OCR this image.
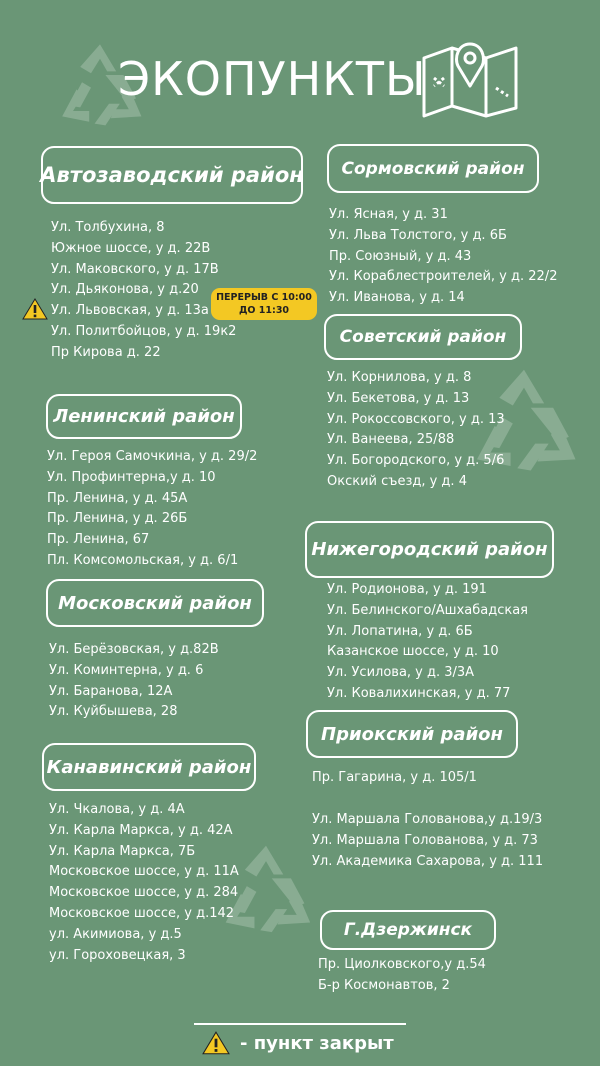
ЭКОПУНКТЫ
Автозаводский район
Ул. Толбухина, 8
Южное шоссе, у д. 22В
Ул. Маковского, у д. 17В
Ул. Дьяконова, у д.20
Ул. Львовская, у д. 13а
Ул. Политбойцов, у д. 19к2
Пр Кирова д. 22
ПЕРЕРЫВ С 10:00
ДО 11:30
Ленинский район
Ул. Героя Самочкина, у д. 29/2
Ул. Профинтерна,у д. 10
Пр. Ленина, у д. 45А
Пр. Ленина, у д. 26Б
Пр. Ленина, 67
Пл. Комсомольская, у д. 6/1
Московский район
Ул. Берёзовская, у д.82В
Ул. Коминтерна, у д. 6
Ул. Баранова, 12А
Ул. Куйбышева, 28
Канавинский район
Ул. Чкалова, у д. 4А
Ул. Карла Маркса, у д. 42А
Ул. Карла Маркса, 7Б
Московское шоссе, у д. 11А
Московское шоссе, у д. 284
Московское шоссе, у д.142
ул. Акимиова, у д.5
ул. Гороховецкая, 3
Сормовский район
Ул. Ясная, у д. 31
Ул. Льва Толстого, у д. 6Б
Пр. Союзный, у д. 43
Ул. Кораблестроителей, у д. 22/2
Ул. Иванова, у д. 14
Советский район
Ул. Корнилова, у д. 8
Ул. Бекетова, у д. 13
Ул. Рокоссовского, у д. 13
Ул. Ванеева, 25/88
Ул. Богородского, у д. 5/6
Окский съезд, у д. 4
Нижегородский район
Ул. Родионова, у д. 191
Ул. Белинского/Ашхабадская
Ул. Лопатина, у д. 6Б
Казанское шоссе, у д. 10
Ул. Усилова, у д. 3/3А
Ул. Ковалихинская, у д. 77
Приокский район
Пр. Гагарина, у д. 105/1
Ул. Маршала Голованова,у д.19/3
Ул. Маршала Голованова, у д. 73
Ул. Академика Сахарова, у д. 111
Г.Дзержинск
Пр. Циолковского,у д.54
Б-р Космонавтов, 2
- пункт закрыт
